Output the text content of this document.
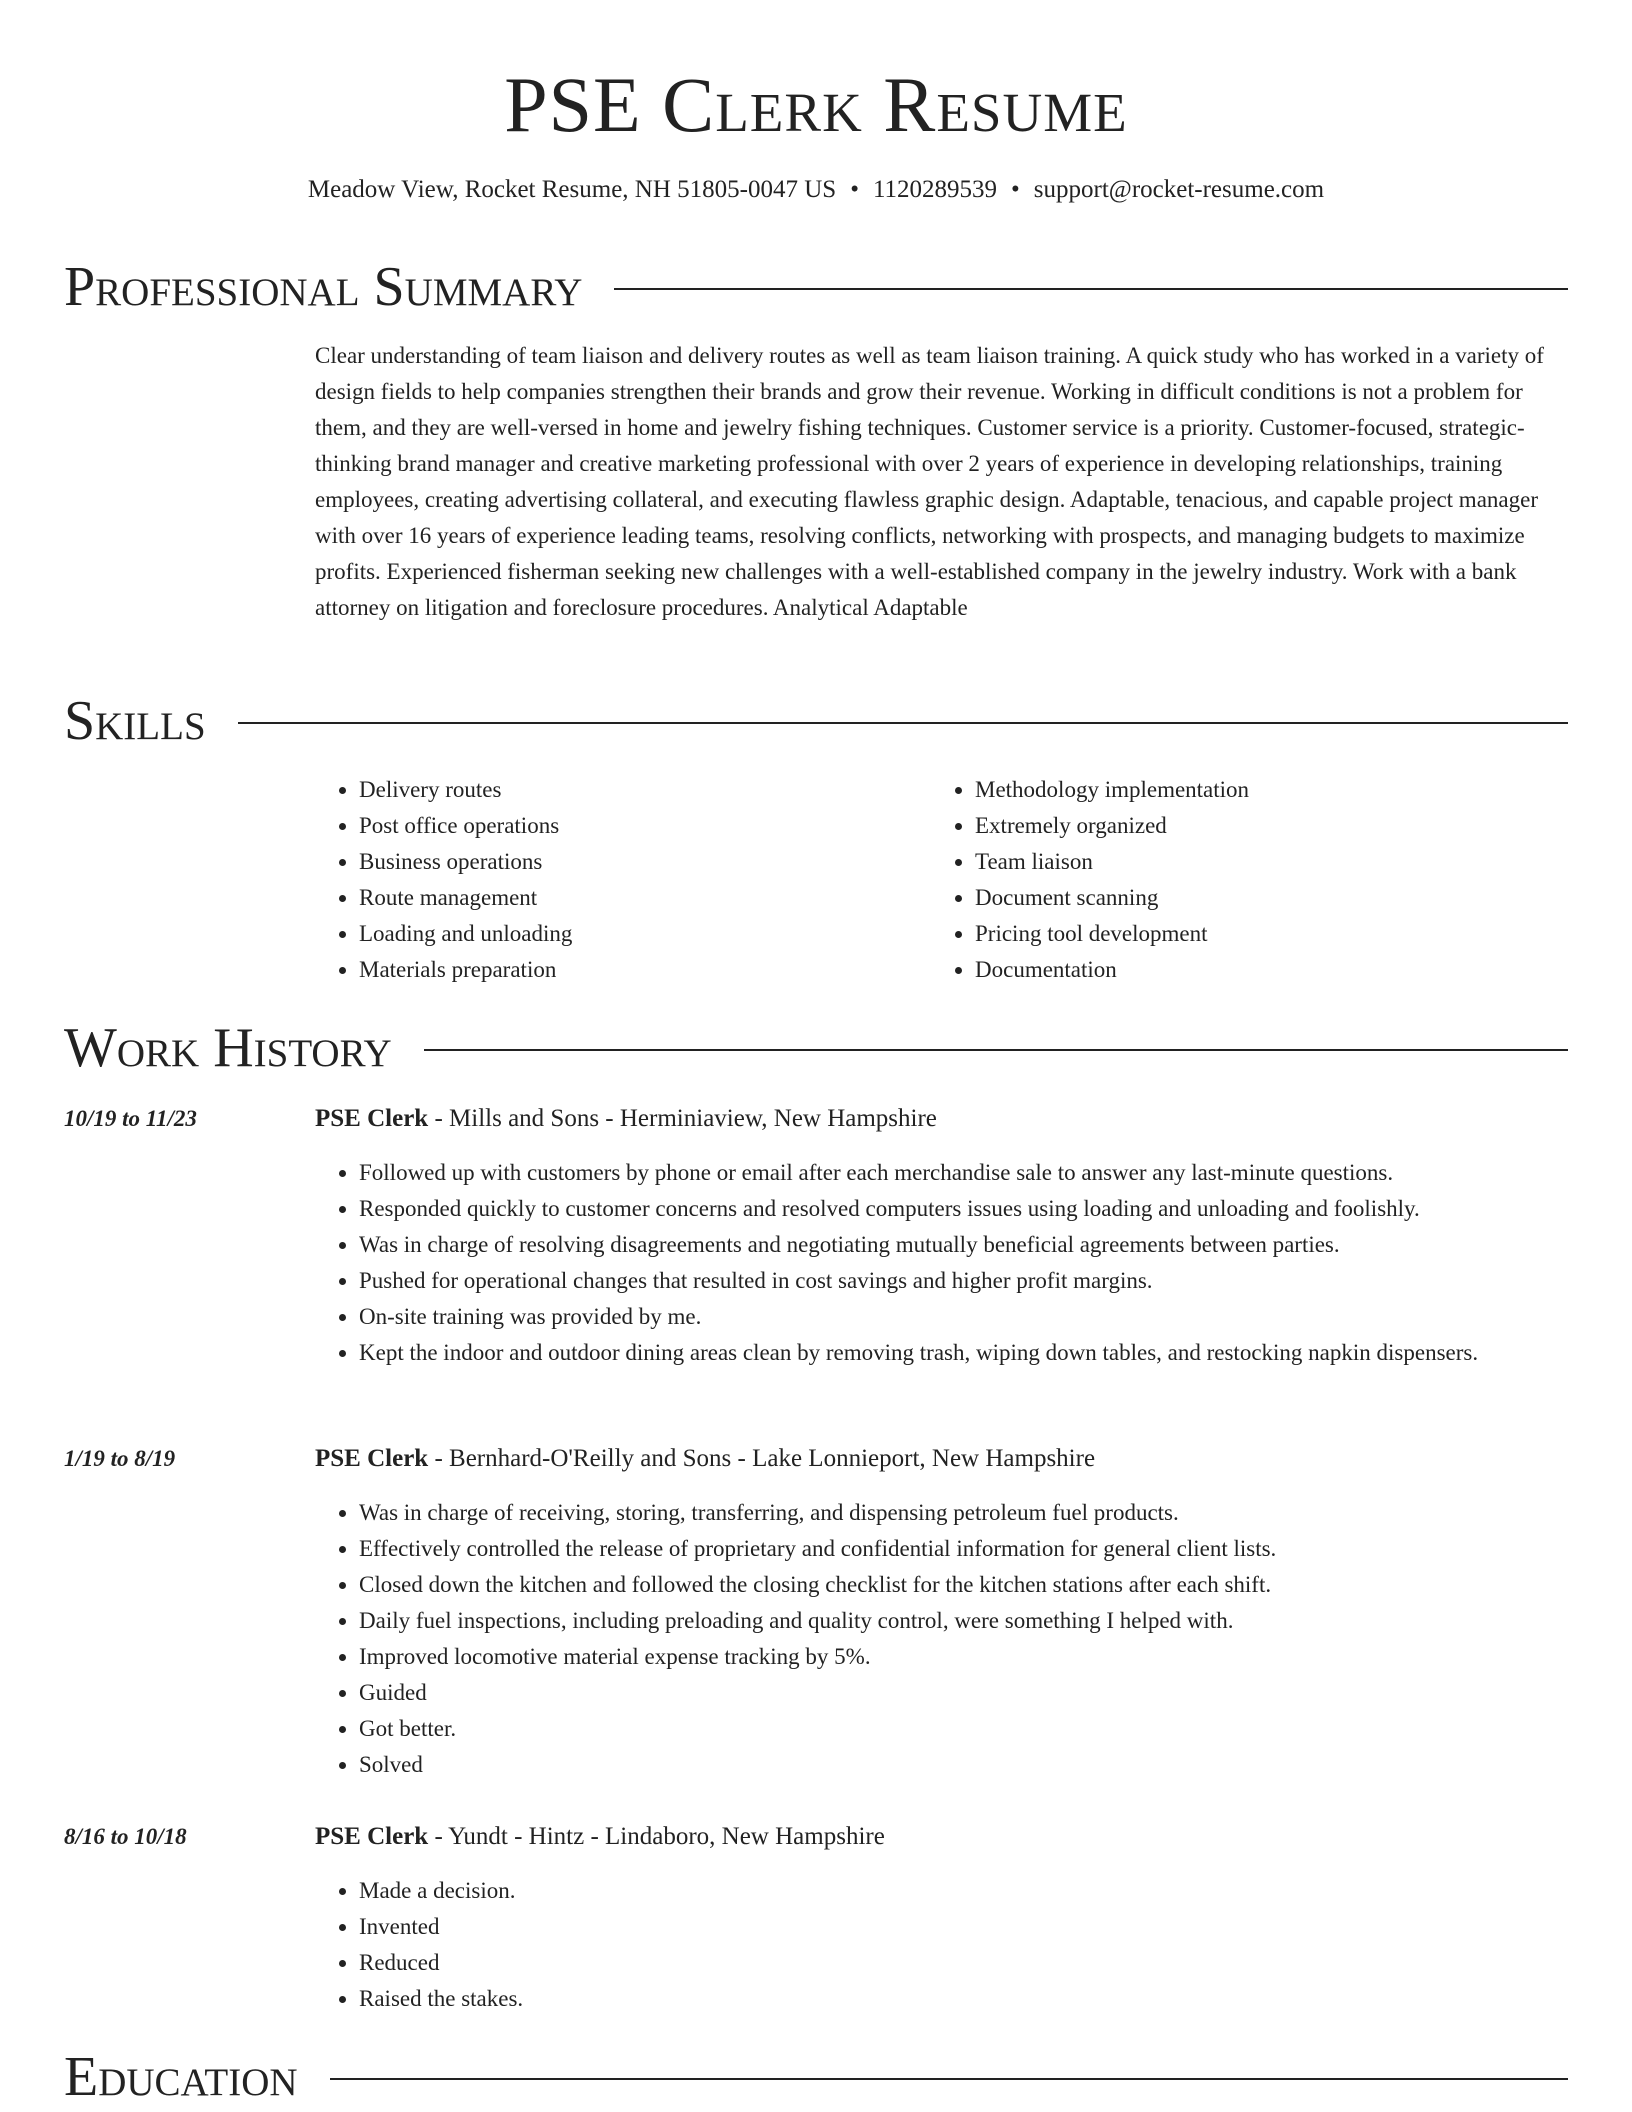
PSE Clerk Resume
Meadow View, Rocket Resume, NH 51805-0047 US • 1120289539 • support@rocket-resume.com
Professional Summary

Clear understanding of team liaison and delivery routes as well as team liaison training. A quick study who has worked in a variety of design fields to help companies strengthen their brands and grow their revenue. Working in difficult conditions is not a problem for them, and they are well-versed in home and jewelry fishing techniques. Customer service is a priority. Customer-focused, strategic-thinking brand manager and creative marketing professional with over 2 years of experience in developing relationships, training employees, creating advertising collateral, and executing flawless graphic design. Adaptable, tenacious, and capable project manager with over 16 years of experience leading teams, resolving conflicts, networking with prospects, and managing budgets to maximize profits. Experienced fisherman seeking new challenges with a well-established company in the jewelry industry. Work with a bank attorney on litigation and foreclosure procedures. Analytical Adaptable

Skills
• Delivery routes
• Post office operations
• Business operations
• Route management
• Loading and unloading
• Materials preparation
• Methodology implementation
• Extremely organized
• Team liaison
• Document scanning
• Pricing tool development
• Documentation
Work History
10/19 to 11/23	PSE Clerk - Mills and Sons - Herminiaview, New Hampshire
• Followed up with customers by phone or email after each merchandise sale to answer any last-minute questions.
• Responded quickly to customer concerns and resolved computers issues using loading and unloading and foolishly.
• Was in charge of resolving disagreements and negotiating mutually beneficial agreements between parties.
• Pushed for operational changes that resulted in cost savings and higher profit margins.
• On-site training was provided by me.
• Kept the indoor and outdoor dining areas clean by removing trash, wiping down tables, and restocking napkin dispensers.
1/19 to 8/19	PSE Clerk - Bernhard-O'Reilly and Sons - Lake Lonnieport, New Hampshire
• Was in charge of receiving, storing, transferring, and dispensing petroleum fuel products.
• Effectively controlled the release of proprietary and confidential information for general client lists.
• Closed down the kitchen and followed the closing checklist for the kitchen stations after each shift.
• Daily fuel inspections, including preloading and quality control, were something I helped with.
• Improved locomotive material expense tracking by 5%.
• Guided
• Got better.
• Solved
8/16 to 10/18	PSE Clerk - Yundt - Hintz - Lindaboro, New Hampshire
• Made a decision.
• Invented
• Reduced
• Raised the stakes.
Education
